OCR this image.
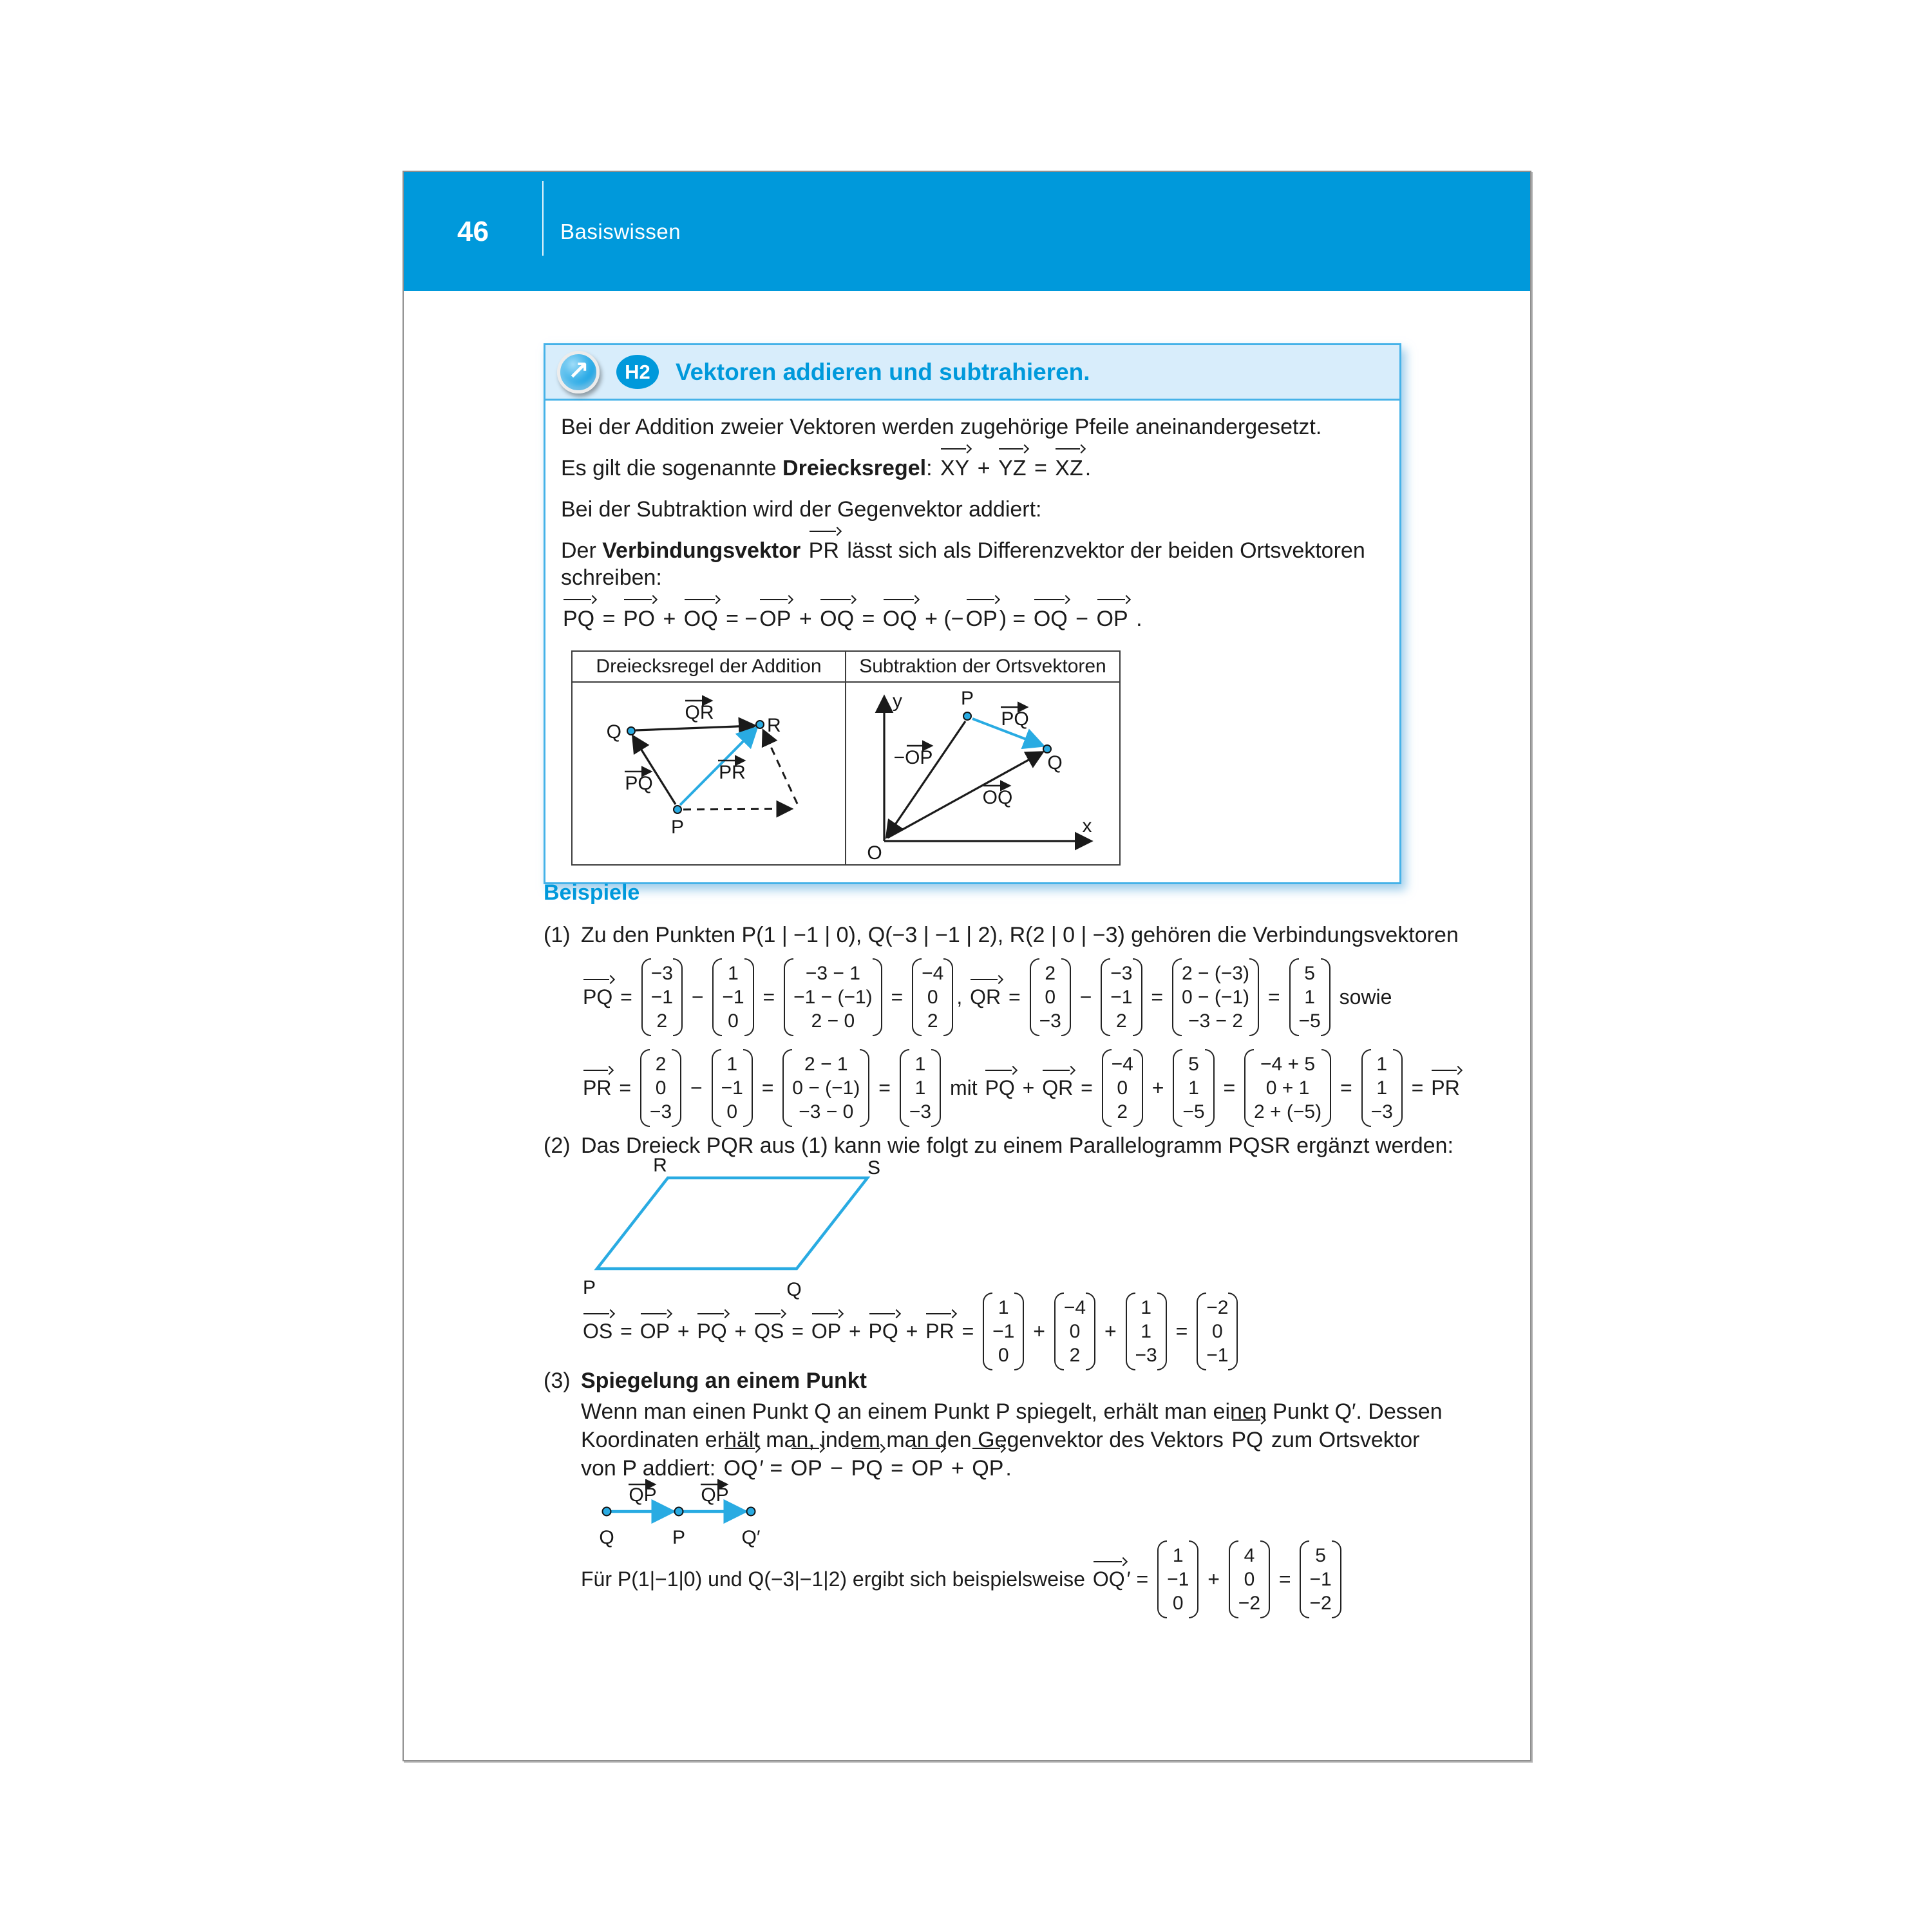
46	Basiswissen
↗	H2	Vektoren addieren und subtrahieren.

Bei der Addition zweier Vektoren werden zugehörige Pfeile aneinandergesetzt.

Es gilt die sogenannte Dreiecksregel: XY + YZ = XZ.

Bei der Subtraktion wird der Gegenvektor addiert:

Der Verbindungsvektor PR lässt sich als Differenzvektor der beiden Ortsvektoren schreiben:

PQ = PO + OQ = −OP + OQ = OQ + (−OP) = OQ − OP .

Dreiecksregel der Addition	Subtraktion der Ortsvektoren

Q	R
P
QR
PQ
PR

y
x
O
P
Q
−OP
OQ
PQ
Beispiele
(1) Zu den Punkten P(1 | −1 | 0), Q(−3 | −1 | 2), R(2 | 0 | −3) gehören die Verbindungsvektoren
PQ =
−3
−1
2
−
1
−1
0
=
−3 − 1
−1 − (−1)
2 − 0
=
−4
0
2
, QR =
2
0
−3
−
−3
−1
2
=
2 − (−3)
0 − (−1)
−3 − 2
=
5
1
−5
sowie
PR =
2
0
−3
−
1
−1
0
=
2 − 1
0 − (−1)
−3 − 0
=
1
1
−3
mit PQ + QR =
−4
0
2
+
5
1
−5
=
−4 + 5
0 + 1
2 + (−5)
=
1
1
−3
= PR
(2) Das Dreieck PQR aus (1) kann wie folgt zu einem Parallelogramm PQSR ergänzt werden:
R	S
P	Q
OS = OP + PQ + QS = OP + PQ + PR =
1
−1
0
+
−4
0
2
+
1
1
−3
=
−2
0
−1
(3) Spiegelung an einem Punkt
Wenn man einen Punkt Q an einem Punkt P spiegelt, erhält man einen Punkt Q′. Dessen Koordinaten erhält man, indem man den Gegenvektor des Vektors PQ zum Ortsvektor von P addiert: OQ′ = OP − PQ = OP + QP.
QP QP
Q	P	Q′
Für P(1|−1|0) und Q(−3|−1|2) ergibt sich beispielsweise OQ ′ =
1
−1
0
+
4
0
−2
=
5
−1
−2
